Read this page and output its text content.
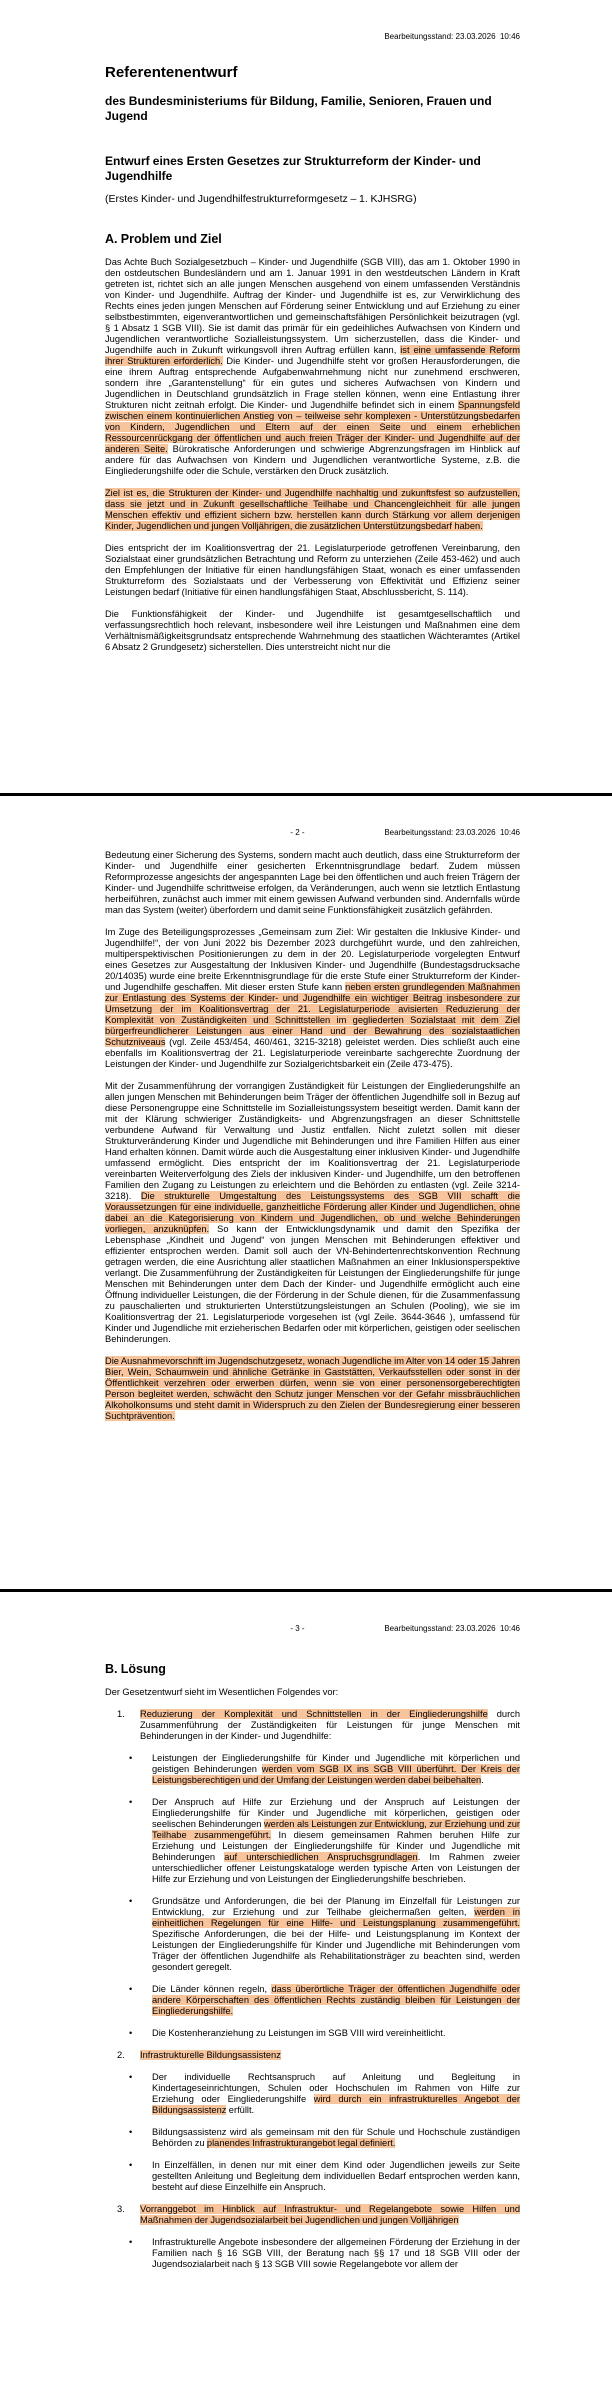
Bearbeitungsstand: 23.03.2026  10:46
Referentenentwurf
des Bundesministeriums für Bildung, Familie, Senioren, Frauen und Jugend
Entwurf eines Ersten Gesetzes zur Strukturreform der Kinder- und Jugendhilfe
(Erstes Kinder- und Jugendhilfestrukturreformgesetz – 1. KJHSRG)
A. Problem und Ziel
Das Achte Buch Sozialgesetzbuch – Kinder- und Jugendhilfe (SGB VIII), das am 1. Oktober 1990 in den ostdeutschen Bundesländern und am 1. Januar 1991 in den westdeutschen Ländern in Kraft getreten ist, richtet sich an alle jungen Menschen ausgehend von einem umfassenden Verständnis von Kinder- und Jugendhilfe. Auftrag der Kinder- und Jugendhilfe ist es, zur Verwirklichung des Rechts eines jeden jungen Menschen auf Förderung seiner Entwicklung und auf Erziehung zu einer selbstbestimmten, eigenverantwortlichen und gemeinschaftsfähigen Persönlichkeit beizutragen (vgl. § 1 Absatz 1 SGB VIII). Sie ist damit das primär für ein gedeihliches Aufwachsen von Kindern und Jugendlichen verantwortliche Sozialleistungssystem. Um sicherzustellen, dass die Kinder- und Jugendhilfe auch in Zukunft wirkungsvoll ihren Auftrag erfüllen kann, ist eine umfassende Reform ihrer Strukturen erforderlich. Die Kinder- und Jugendhilfe steht vor großen Herausforderungen, die eine ihrem Auftrag entsprechende Aufgabenwahrnehmung nicht nur zunehmend erschweren, sondern ihre „Garantenstellung“ für ein gutes und sicheres Aufwachsen von Kindern und Jugendlichen in Deutschland grundsätzlich in Frage stellen können, wenn eine Entlastung ihrer Strukturen nicht zeitnah erfolgt. Die Kinder- und Jugendhilfe befindet sich in einem Spannungsfeld zwischen einem kontinuierlichen Anstieg von – teilweise sehr komplexen - Unterstützungsbedarfen von Kindern, Jugendlichen und Eltern auf der einen Seite und einem erheblichen Ressourcenrückgang der öffentlichen und auch freien Träger der Kinder- und Jugendhilfe auf der anderen Seite. Bürokratische Anforderungen und schwierige Abgrenzungsfragen im Hinblick auf andere für das Aufwachsen von Kindern und Jugendlichen verantwortliche Systeme, z.B. die Eingliederungshilfe oder die Schule, verstärken den Druck zusätzlich.
Ziel ist es, die Strukturen der Kinder- und Jugendhilfe nachhaltig und zukunftsfest so aufzustellen, dass sie jetzt und in Zukunft gesellschaftliche Teilhabe und Chancengleichheit für alle jungen Menschen effektiv und effizient sichern bzw. herstellen kann durch Stärkung vor allem derjenigen Kinder, Jugendlichen und jungen Volljährigen, die zusätzlichen Unterstützungsbedarf haben.
Dies entspricht der im Koalitionsvertrag der 21. Legislaturperiode getroffenen Vereinbarung, den Sozialstaat einer grundsätzlichen Betrachtung und Reform zu unterziehen (Zeile 453-462) und auch den Empfehlungen der Initiative für einen handlungsfähigen Staat, wonach es einer umfassenden Strukturreform des Sozialstaats und der Verbesserung von Effektivität und Effizienz seiner Leistungen bedarf (Initiative für einen handlungsfähigen Staat, Abschlussbericht, S. 114).
Die Funktionsfähigkeit der Kinder- und Jugendhilfe ist gesamtgesellschaftlich und verfassungsrechtlich hoch relevant, insbesondere weil ihre Leistungen und Maßnahmen eine dem Verhältnismäßigkeitsgrundsatz entsprechende Wahrnehmung des staatlichen Wächteramtes (Artikel 6 Absatz 2 Grundgesetz) sicherstellen. Dies unterstreicht nicht nur die
- 2 -	Bearbeitungsstand: 23.03.2026  10:46
Bedeutung einer Sicherung des Systems, sondern macht auch deutlich, dass eine Strukturreform der Kinder- und Jugendhilfe einer gesicherten Erkenntnisgrundlage bedarf. Zudem müssen Reformprozesse angesichts der angespannten Lage bei den öffentlichen und auch freien Trägern der Kinder- und Jugendhilfe schrittweise erfolgen, da Veränderungen, auch wenn sie letztlich Entlastung herbeiführen, zunächst auch immer mit einem gewissen Aufwand verbunden sind. Andernfalls würde man das System (weiter) überfordern und damit seine Funktionsfähigkeit zusätzlich gefährden.
Im Zuge des Beteiligungsprozesses „Gemeinsam zum Ziel: Wir gestalten die Inklusive Kinder- und Jugendhilfe!“, der von Juni 2022 bis Dezember 2023 durchgeführt wurde, und den zahlreichen, multiperspektivischen Positionierungen zu dem in der 20. Legislaturperiode vorgelegten Entwurf eines Gesetzes zur Ausgestaltung der Inklusiven Kinder- und Jugendhilfe (Bundestagsdrucksache 20/14035) wurde eine breite Erkenntnisgrundlage für die erste Stufe einer Strukturreform der Kinder- und Jugendhilfe geschaffen. Mit dieser ersten Stufe kann neben ersten grundlegenden Maßnahmen zur Entlastung des Systems der Kinder- und Jugendhilfe ein wichtiger Beitrag insbesondere zur Umsetzung der im Koalitionsvertrag der 21. Legislaturperiode avisierten Reduzierung der Komplexität von Zuständigkeiten und Schnittstellen im gegliederten Sozialstaat mit dem Ziel bürgerfreundlicherer Leistungen aus einer Hand und der Bewahrung des sozialstaatlichen Schutzniveaus (vgl. Zeile 453/454, 460/461, 3215-3218) geleistet werden. Dies schließt auch eine ebenfalls im Koalitionsvertrag der 21. Legislaturperiode vereinbarte sachgerechte Zuordnung der Leistungen der Kinder- und Jugendhilfe zur Sozialgerichtsbarkeit ein (Zeile 473-475).
Mit der Zusammenführung der vorrangigen Zuständigkeit für Leistungen der Eingliederungshilfe an allen jungen Menschen mit Behinderungen beim Träger der öffentlichen Jugendhilfe soll in Bezug auf diese Personengruppe eine Schnittstelle im Sozialleistungssystem beseitigt werden. Damit kann der mit der Klärung schwieriger Zuständigkeits- und Abgrenzungsfragen an dieser Schnittstelle verbundene Aufwand für Verwaltung und Justiz entfallen. Nicht zuletzt sollen mit dieser Strukturveränderung Kinder und Jugendliche mit Behinderungen und ihre Familien Hilfen aus einer Hand erhalten können. Damit würde auch die Ausgestaltung einer inklusiven Kinder- und Jugendhilfe umfassend ermöglicht. Dies entspricht der im Koalitionsvertrag der 21. Legislaturperiode vereinbarten Weiterverfolgung des Ziels der inklusiven Kinder- und Jugendhilfe, um den betroffenen Familien den Zugang zu Leistungen zu erleichtern und die Behörden zu entlasten (vgl. Zeile 3214-3218). Die strukturelle Umgestaltung des Leistungssystems des SGB VIII schafft die Voraussetzungen für eine individuelle, ganzheitliche Förderung aller Kinder und Jugendlichen, ohne dabei an die Kategorisierung von Kindern und Jugendlichen, ob und welche Behinderungen vorliegen, anzuknüpfen. So kann der Entwicklungsdynamik und damit den Spezifika der Lebensphase „Kindheit und Jugend“ von jungen Menschen mit Behinderungen effektiver und effizienter entsprochen werden. Damit soll auch der VN-Behindertenrechtskonvention Rechnung getragen werden, die eine Ausrichtung aller staatlichen Maßnahmen an einer Inklusionsperspektive verlangt. Die Zusammenführung der Zuständigkeiten für Leistungen der Eingliederungshilfe für junge Menschen mit Behinderungen unter dem Dach der Kinder- und Jugendhilfe ermöglicht auch eine Öffnung individueller Leistungen, die der Förderung in der Schule dienen, für die Zusammenfassung zu pauschalierten und strukturierten Unterstützungsleistungen an Schulen (Pooling), wie sie im Koalitionsvertrag der 21. Legislaturperiode vorgesehen ist (vgl Zeile. 3644-3646 ), umfassend für Kinder und Jugendliche mit erzieherischen Bedarfen oder mit körperlichen, geistigen oder seelischen Behinderungen.
Die Ausnahmevorschrift im Jugendschutzgesetz, wonach Jugendliche im Alter von 14 oder 15 Jahren Bier, Wein, Schaumwein und ähnliche Getränke in Gaststätten, Verkaufsstellen oder sonst in der Öffentlichkeit verzehren oder erwerben dürfen, wenn sie von einer personensorgeberechtigten Person begleitet werden, schwächt den Schutz junger Menschen vor der Gefahr missbräuchlichen Alkoholkonsums und steht damit in Widerspruch zu den Zielen der Bundesregierung einer besseren Suchtprävention.
- 3 -	Bearbeitungsstand: 23.03.2026  10:46
B. Lösung
Der Gesetzentwurf sieht im Wesentlichen Folgendes vor:
1.	Reduzierung der Komplexität und Schnittstellen in der Eingliederungshilfe durch Zusammenführung der Zuständigkeiten für Leistungen für junge Menschen mit Behinderungen in der Kinder- und Jugendhilfe:
•	Leistungen der Eingliederungshilfe für Kinder und Jugendliche mit körperlichen und geistigen Behinderungen werden vom SGB IX ins SGB VIII überführt. Der Kreis der Leistungsberechtigen und der Umfang der Leistungen werden dabei beibehalten.
•	Der Anspruch auf Hilfe zur Erziehung und der Anspruch auf Leistungen der Eingliederungshilfe für Kinder und Jugendliche mit körperlichen, geistigen oder seelischen Behinderungen werden als Leistungen zur Entwicklung, zur Erziehung und zur Teilhabe zusammengeführt. In diesem gemeinsamen Rahmen beruhen Hilfe zur Erziehung und Leistungen der Eingliederungshilfe für Kinder und Jugendliche mit Behinderungen auf unterschiedlichen Anspruchsgrundlagen. Im Rahmen zweier unterschiedlicher offener Leistungskataloge werden typische Arten von Leistungen der Hilfe zur Erziehung und von Leistungen der Eingliederungshilfe beschrieben.
•	Grundsätze und Anforderungen, die bei der Planung im Einzelfall für Leistungen zur Entwicklung, zur Erziehung und zur Teilhabe gleichermaßen gelten, werden in einheitlichen Regelungen für eine Hilfe- und Leistungsplanung zusammengeführt. Spezifische Anforderungen, die bei der Hilfe- und Leistungsplanung im Kontext der Leistungen der Eingliederungshilfe für Kinder und Jugendliche mit Behinderungen vom Träger der öffentlichen Jugendhilfe als Rehabilitationsträger zu beachten sind, werden gesondert geregelt.
•	Die Länder können regeln, dass überörtliche Träger der öffentlichen Jugendhilfe oder andere Körperschaften des öffentlichen Rechts zuständig bleiben für Leistungen der Eingliederungshilfe.
•	Die Kostenheranziehung zu Leistungen im SGB VIII wird vereinheitlicht.
2.	Infrastrukturelle Bildungsassistenz
•	Der individuelle Rechtsanspruch auf Anleitung und Begleitung in Kindertageseinrichtungen, Schulen oder Hochschulen im Rahmen von Hilfe zur Erziehung oder Eingliederungshilfe wird durch ein infrastrukturelles Angebot der Bildungsassistenz erfüllt.
•	Bildungsassistenz wird als gemeinsam mit den für Schule und Hochschule zuständigen Behörden zu planendes Infrastrukturangebot legal definiert.
•	In Einzelfällen, in denen nur mit einer dem Kind oder Jugendlichen jeweils zur Seite gestellten Anleitung und Begleitung dem individuellen Bedarf entsprochen werden kann, besteht auf diese Einzelhilfe ein Anspruch.
3.	Vorranggebot im Hinblick auf Infrastruktur- und Regelangebote sowie Hilfen und Maßnahmen der Jugendsozialarbeit bei Jugendlichen und jungen Volljährigen
•	Infrastrukturelle Angebote insbesondere der allgemeinen Förderung der Erziehung in der Familien nach § 16 SGB VIII, der Beratung nach §§ 17 und 18 SGB VIII oder der Jugendsozialarbeit nach § 13 SGB VIII sowie Regelangebote vor allem der
